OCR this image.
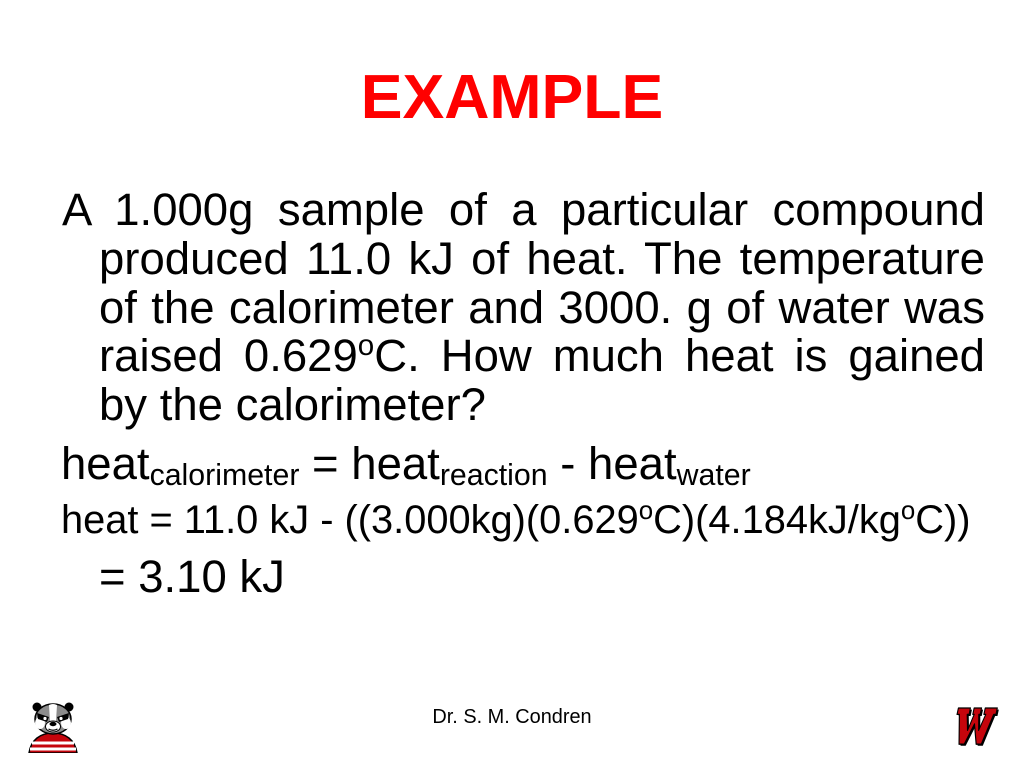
EXAMPLE

A 1.000g sample of a particular compound produced 11.0 kJ of heat. The temperature of the calorimeter and 3000. g of water was raised 0.629$^o$C. How much heat is gained by the calorimeter?

heatcalorimeter = heatreaction - heatwater
heat = 11.0 kJ - $((3.000kg)(0.629^oC)(4.184kJ/kg^oC))$
= 3.10 kJ
Dr. S. M. Condren
